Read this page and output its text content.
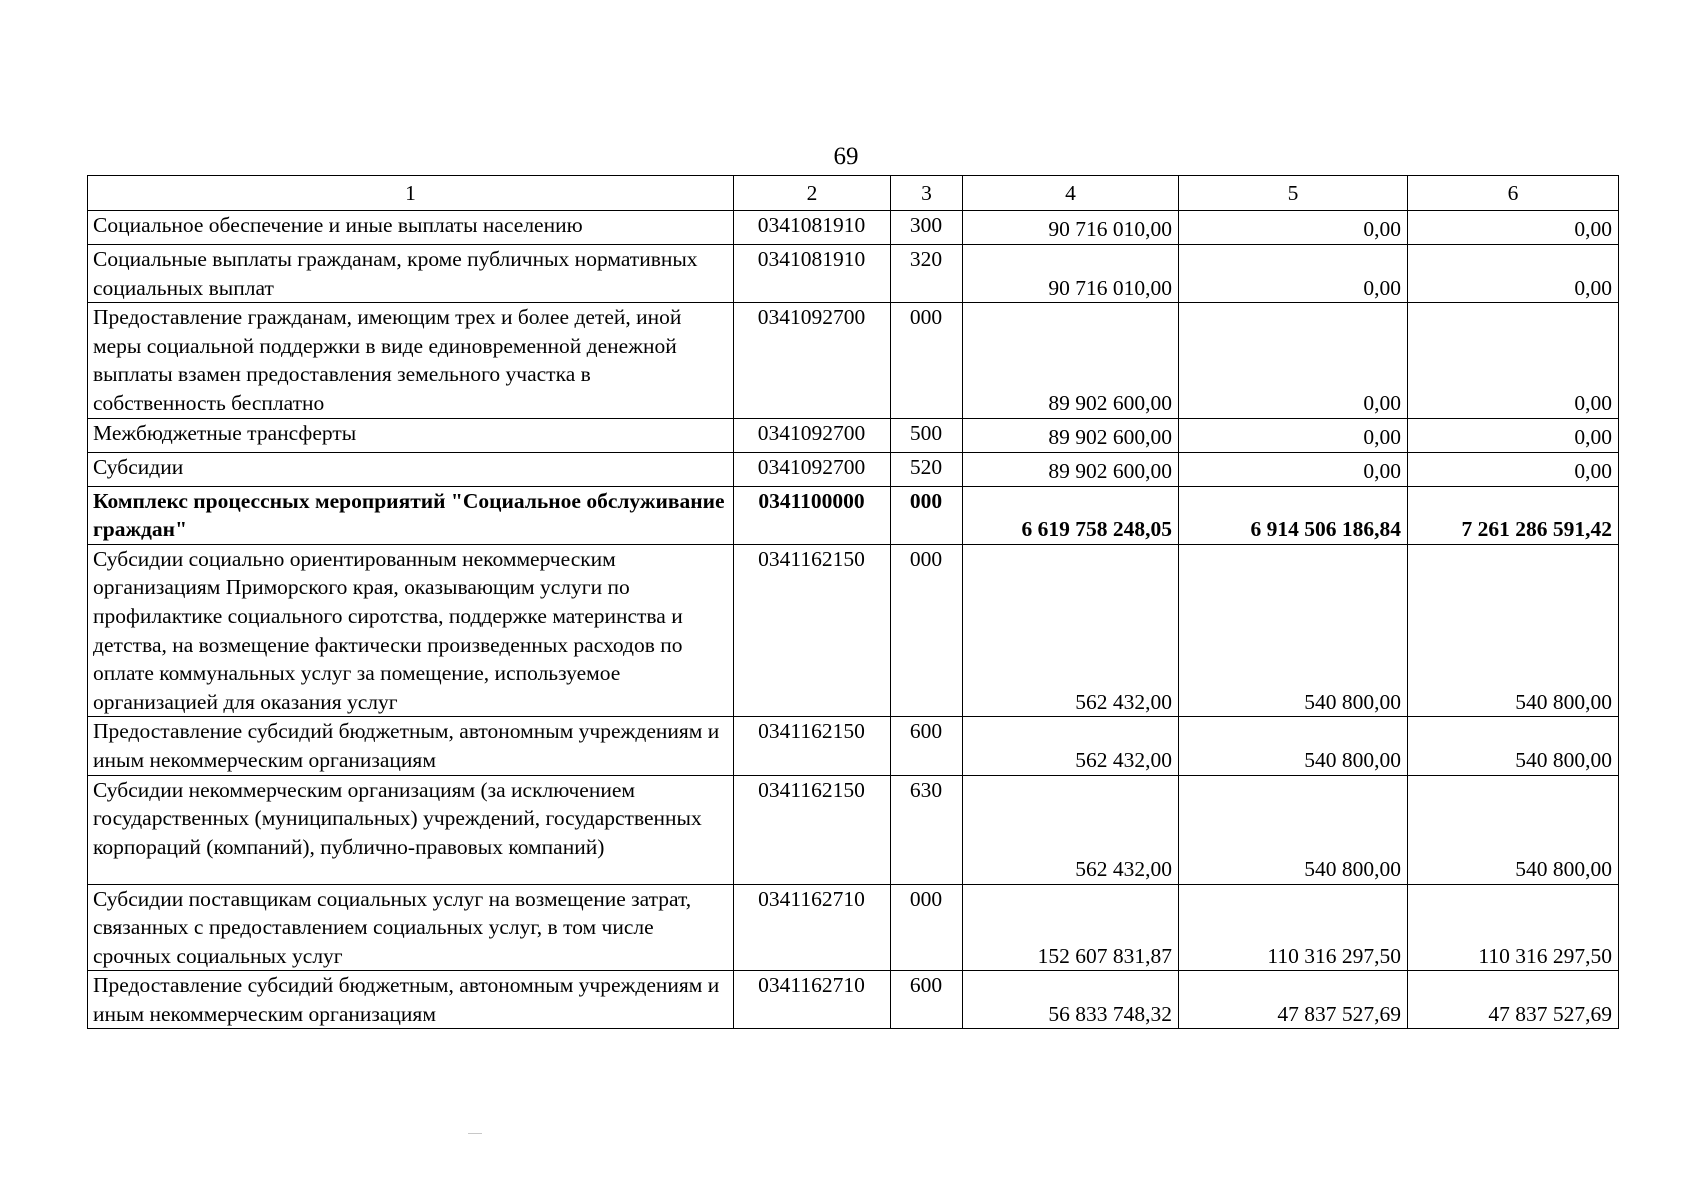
69
1	2	3	4	5	6
Социальное обеспечение и иные выплаты населению	0341081910	300	90 716 010,00	0,00	0,00
Социальные выплаты гражданам, кроме публичных нормативных социальных выплат	0341081910	320	90 716 010,00	0,00	0,00
Предоставление гражданам, имеющим трех и более детей, иной меры социальной поддержки в виде единовременной денежной выплаты взамен предоставления земельного участка в собственность бесплатно	0341092700	000	89 902 600,00	0,00	0,00
Межбюджетные трансферты	0341092700	500	89 902 600,00	0,00	0,00
Субсидии	0341092700	520	89 902 600,00	0,00	0,00
Комплекс процессных мероприятий "Социальное обслуживание граждан"	0341100000	000	6 619 758 248,05	6 914 506 186,84	7 261 286 591,42
Субсидии социально ориентированным некоммерческим организациям Приморского края, оказывающим услуги по профилактике социального сиротства, поддержке материнства и детства, на возмещение фактически произведенных расходов по оплате коммунальных услуг за помещение, используемое организацией для оказания услуг	0341162150	000	562 432,00	540 800,00	540 800,00
Предоставление субсидий бюджетным, автономным учреждениям и иным некоммерческим организациям	0341162150	600	562 432,00	540 800,00	540 800,00
Субсидии некоммерческим организациям (за исключением государственных (муниципальных) учреждений, государственных корпораций (компаний), публично-правовых компаний)	0341162150	630	562 432,00	540 800,00	540 800,00
Субсидии поставщикам социальных услуг на возмещение затрат, связанных с предоставлением социальных услуг, в том числе срочных социальных услуг	0341162710	000	152 607 831,87	110 316 297,50	110 316 297,50
Предоставление субсидий бюджетным, автономным учреждениям и иным некоммерческим организациям	0341162710	600	56 833 748,32	47 837 527,69	47 837 527,69
